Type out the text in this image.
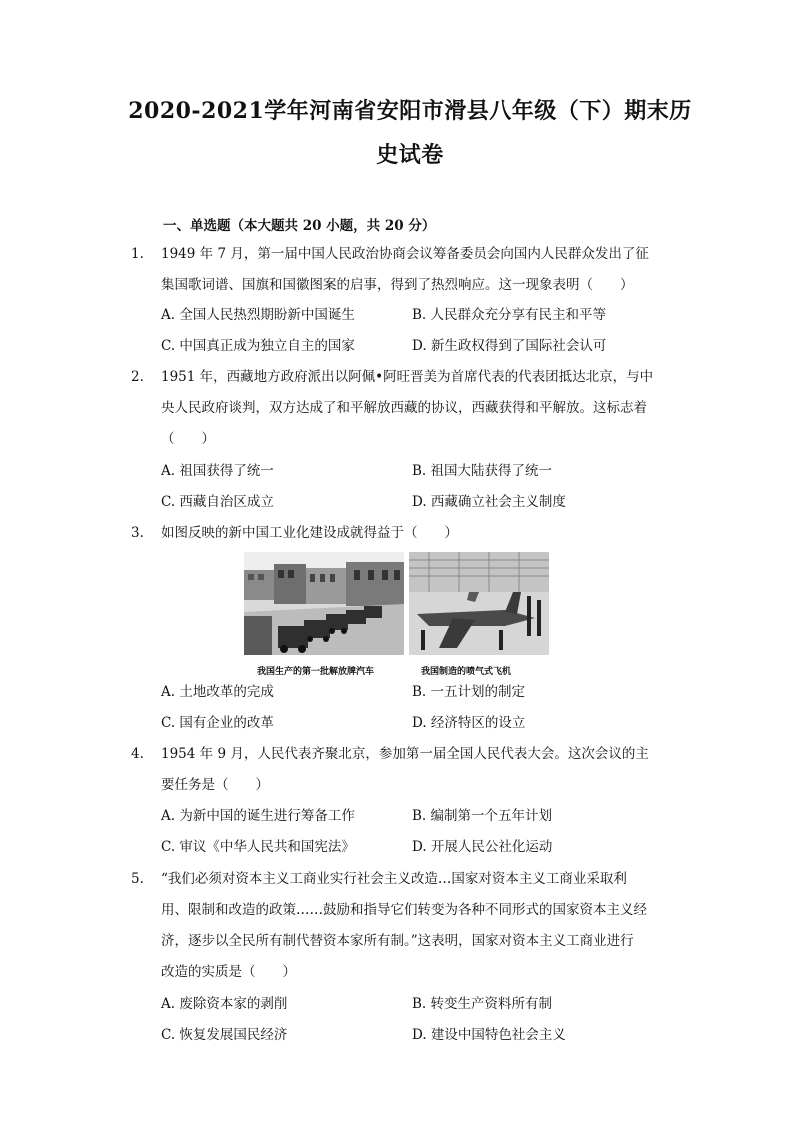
2020-2021学年河南省安阳市滑县八年级（下）期末历
史试卷
一、单选题（本大题共 20 小题，共 20 分）
1. 1949 年 7 月，第一届中国人民政治协商会议筹备委员会向国内人民群众发出了征
集国歌词谱、国旗和国徽图案的启事，得到了热烈响应。这一现象表明（　　）
A. 全国人民热烈期盼新中国诞生	B. 人民群众充分享有民主和平等
C. 中国真正成为独立自主的国家	D. 新生政权得到了国际社会认可
2. 1951 年，西藏地方政府派出以阿佩•阿旺晋美为首席代表的代表团抵达北京，与中
央人民政府谈判，双方达成了和平解放西藏的协议，西藏获得和平解放。这标志着
（　　）
A. 祖国获得了统一	B. 祖国大陆获得了统一
C. 西藏自治区成立	D. 西藏确立社会主义制度
3. 如图反映的新中国工业化建设成就得益于（　　）
我国生产的第一批解放牌汽车	我国制造的喷气式飞机
A. 土地改革的完成	B. 一五计划的制定
C. 国有企业的改革	D. 经济特区的设立
4. 1954 年 9 月，人民代表齐聚北京，参加第一届全国人民代表大会。这次会议的主
要任务是（　　）
A. 为新中国的诞生进行筹备工作	B. 编制第一个五年计划
C. 审议《中华人民共和国宪法》	D. 开展人民公社化运动
5. “我们必须对资本主义工商业实行社会主义改造…国家对资本主义工商业采取利
用、限制和改造的政策……鼓励和指导它们转变为各种不同形式的国家资本主义经
济，逐步以全民所有制代替资本家所有制。”这表明，国家对资本主义工商业进行
改造的实质是（　　）
A. 废除资本家的剥削	B. 转变生产资料所有制
C. 恢复发展国民经济	D. 建设中国特色社会主义
